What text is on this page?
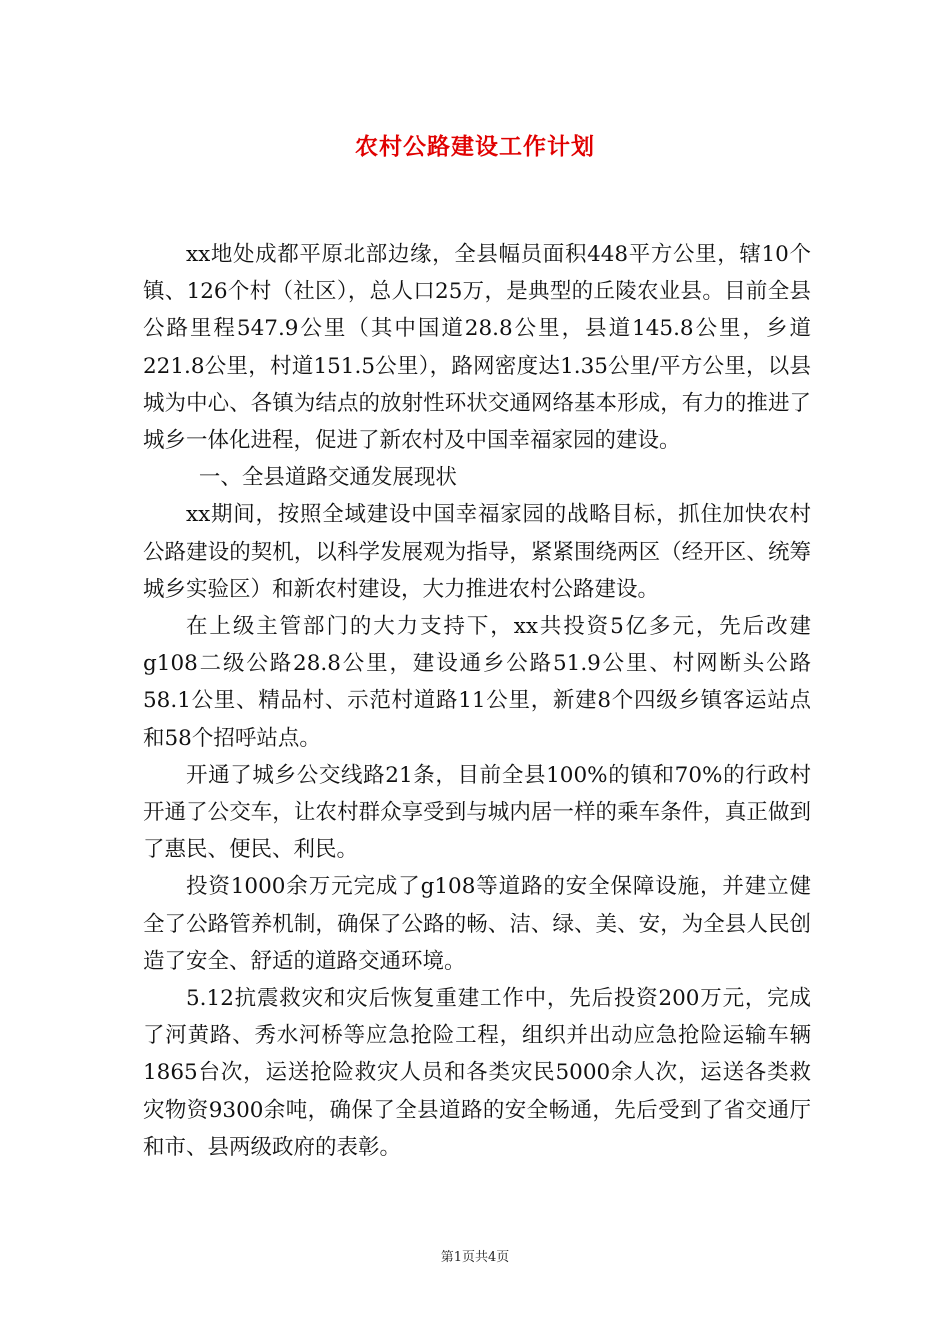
农村公路建设工作计划

xx地处成都平原北部边缘，全县幅员面积448平方公里，辖10个镇、126个村（社区），总人口25万，是典型的丘陵农业县。目前全县公路里程547.9公里（其中国道28.8公里，县道145.8公里，乡道221.8公里，村道151.5公里），路网密度达1.35公里/平方公里，以县城为中心、各镇为结点的放射性环状交通网络基本形成，有力的推进了城乡一体化进程，促进了新农村及中国幸福家园的建设。

一、全县道路交通发展现状

xx期间，按照全域建设中国幸福家园的战略目标，抓住加快农村公路建设的契机，以科学发展观为指导，紧紧围绕两区（经开区、统筹城乡实验区）和新农村建设，大力推进农村公路建设。

在上级主管部门的大力支持下，xx共投资5亿多元，先后改建g108二级公路28.8公里，建设通乡公路51.9公里、村网断头公路58.1公里、精品村、示范村道路11公里，新建8个四级乡镇客运站点和58个招呼站点。

开通了城乡公交线路21条，目前全县100%的镇和70%的行政村开通了公交车，让农村群众享受到与城内居一样的乘车条件，真正做到了惠民、便民、利民。

投资1000余万元完成了g108等道路的安全保障设施，并建立健全了公路管养机制，确保了公路的畅、洁、绿、美、安，为全县人民创造了安全、舒适的道路交通环境。

5.12抗震救灾和灾后恢复重建工作中，先后投资200万元，完成了河黄路、秀水河桥等应急抢险工程，组织并出动应急抢险运输车辆1865台次，运送抢险救灾人员和各类灾民5000余人次，运送各类救灾物资9300余吨，确保了全县道路的安全畅通，先后受到了省交通厅和市、县两级政府的表彰。

第1页共4页
